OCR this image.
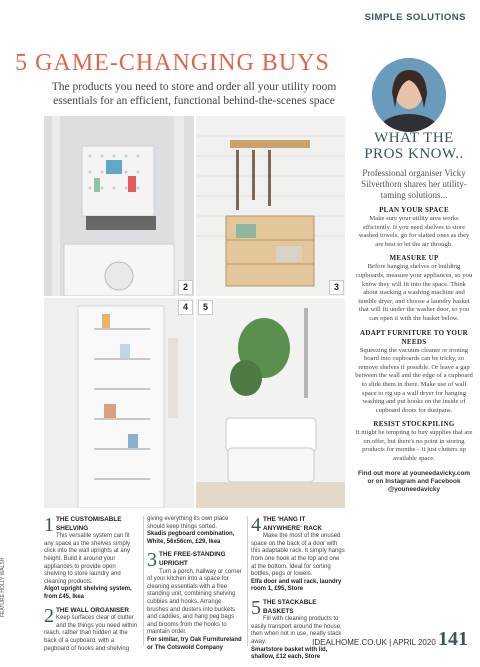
SIMPLE SOLUTIONS
5 GAME-CHANGING BUYS
The products you need to store and order all your utility room essentials for an efficient, functional behind-the-scenes space
2	3
4	5
WHAT THE PROS KNOW..
Professional organiser Vicky Silverthorn shares her utility-taming solutions...
PLAN YOUR SPACE
Make sure your utility area works efficiently. If you need shelves to store washed towels, go for slatted ones as they are best to let the air through.
MEASURE UP
Before hanging shelves or building cupboards, measure your appliances, so you know they will fit into the space. Think about stacking a washing machine and tumble dryer, and choose a laundry basket that will fit under the washer door, so you can open it with the basket below.
ADAPT FURNITURE TO YOUR NEEDS
Squeezing the vacuum cleaner or ironing board into cupboards can be tricky, so remove shelves if possible. Or leave a gap between the wall and the edge of a cupboard to slide them in there. Make use of wall space to rig up a wall dryer for hanging washing and put hooks on the inside of cupboard doors for dustpans.
RESIST STOCKPILING
It might be tempting to buy supplies that are on offer, but there's no point in storing products for months – it just clutters up available space.
Find out more at youneedavicky.com or on Instagram and Facebook @youneedavicky
1 THE CUSTOMISABLE SHELVING
This versatile system can fit any space as the shelves simply click into the wall uprights at any height. Build it around your appliances to provide open shelving to store laundry and cleaning products.
Algot upright shelving system, from £45, Ikea
2 THE WALL ORGANISER
Keep surfaces clear of clutter and the things you need within reach, rather than hidden at the back of a cupboard, with a pegboard of hooks and shelving
giving everything its own place should keep things sorted.
Skadis pegboard combination, White, 56x56cm, £29, Ikea
3 THE FREE-STANDING UPRIGHT
Turn a porch, hallway or corner of your kitchen into a space for cleaning essentials with a free standing unit, combining shelving cubbies and hooks. Arrange brushes and dusters into buckets and caddies, and hang peg bags and brooms from the hooks to maintain order.
For similar, try Oak Furnitureland or The Cotswold Company
4 THE 'HANG IT ANYWHERE' RACK
Make the most of the unused space on the back of a door with this adaptable rack. It simply hangs from one hook at the top and one at the bottom. Ideal for sorting bottles, pegs or towels.
Elfa door and wall rack, laundry room 1, £95, Store
5 THE STACKABLE BASKETS
Fill with cleaning products to easily transport around the house, then when not in use, neatly stack away.
Smartstore basket with lid, shallow, £12 each, Store
FEATURE HOLLY WALSH
IDEALHOME.CO.UK | APRIL 2020 141
